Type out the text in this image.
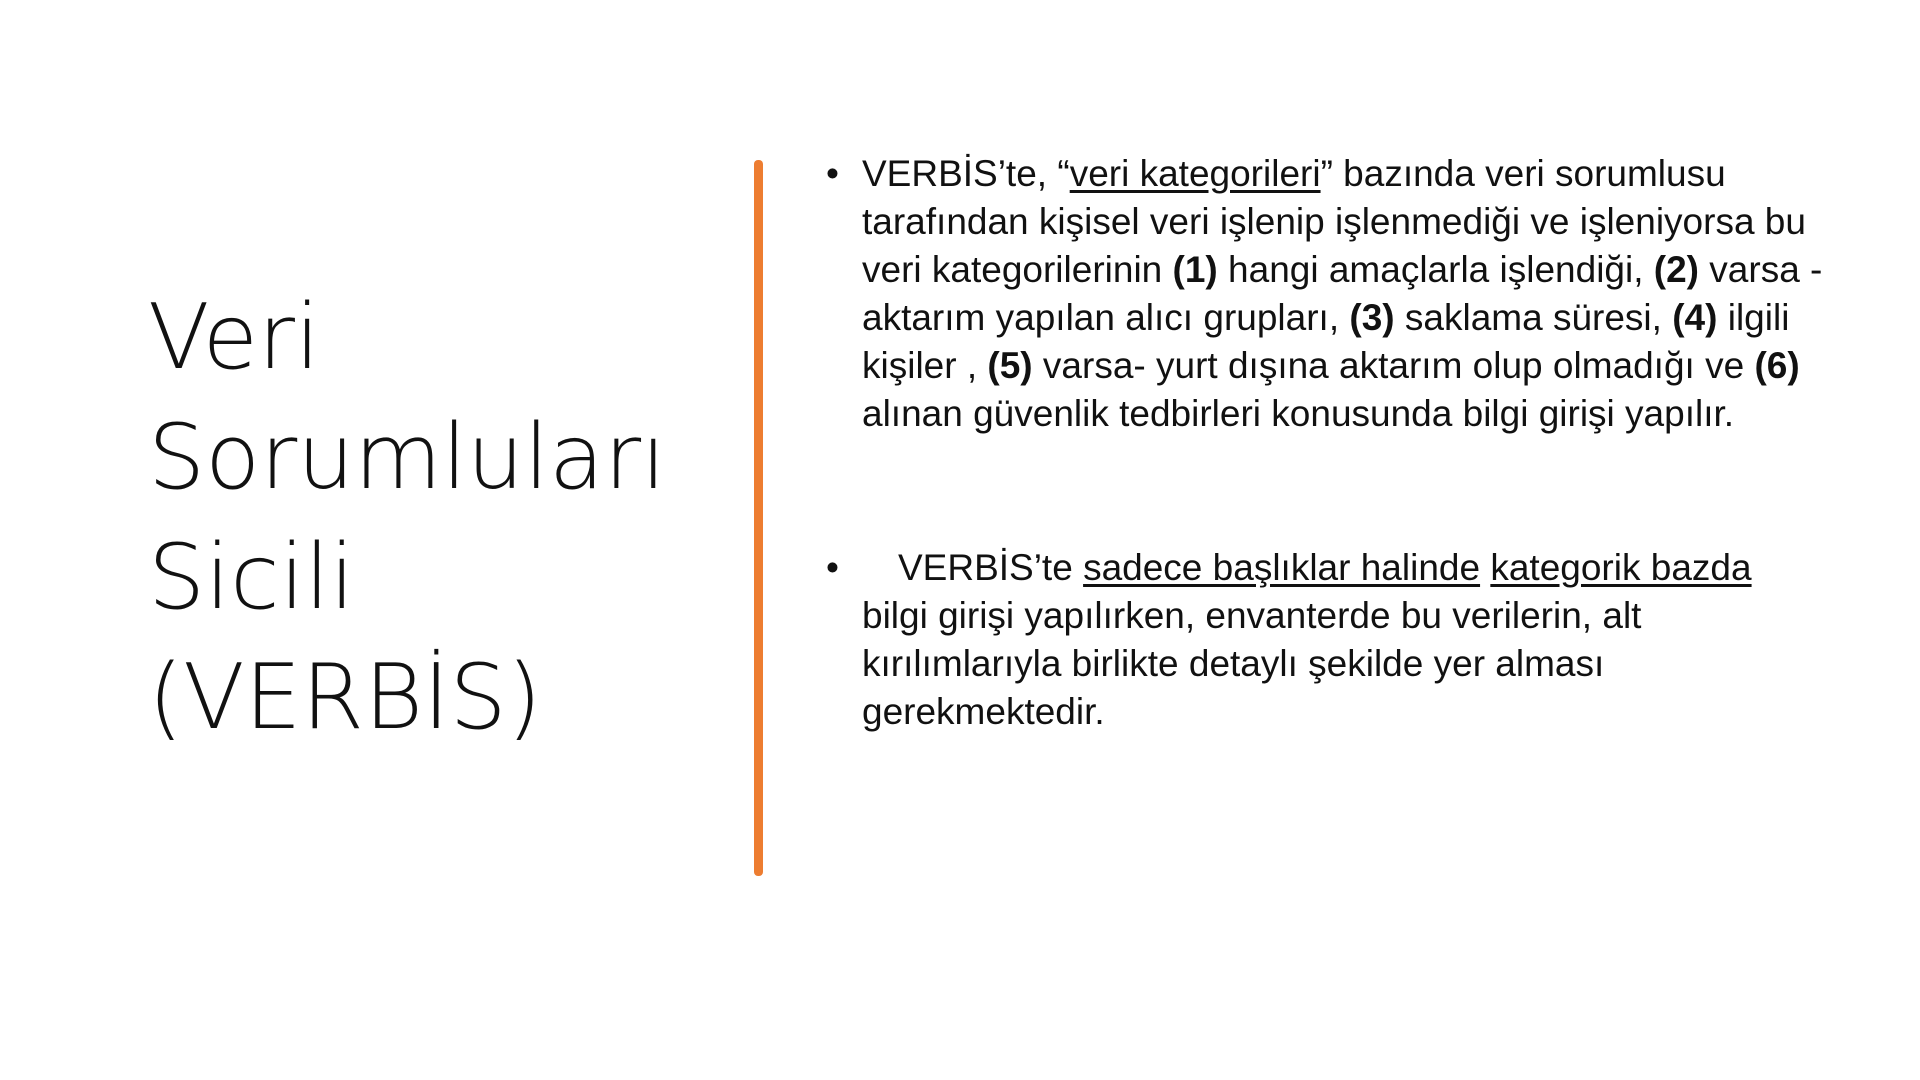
Veri
Sorumluları
Sicili
(VERBİS)

• VERBİS’te, “veri kategorileri” bazında veri sorumlusu tarafından kişisel veri işlenip işlenmediği ve işleniyorsa bu veri kategorilerinin (1) hangi amaçlarla işlendiği, (2) varsa - aktarım yapılan alıcı grupları, (3) saklama süresi, (4) ilgili kişiler , (5) varsa- yurt dışına aktarım olup olmadığı ve (6) alınan güvenlik tedbirleri konusunda bilgi girişi yapılır.

•	VERBİS’te sadece başlıklar halinde kategorik bazda bilgi girişi yapılırken, envanterde bu verilerin, alt kırılımlarıyla birlikte detaylı şekilde yer alması gerekmektedir.
